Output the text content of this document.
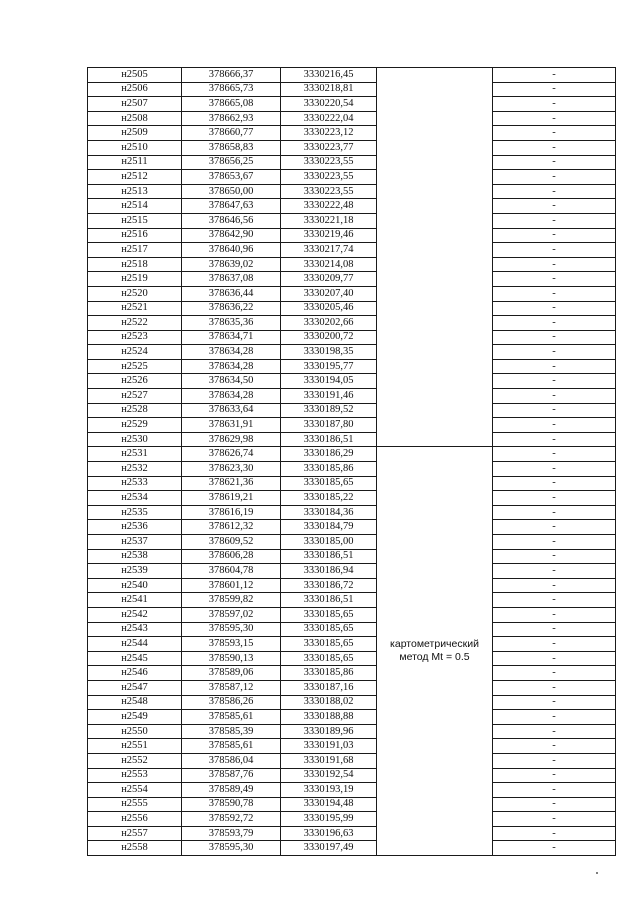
н2505	378666,37	3330216,45		-
н2506	378665,73	3330218,81		-
н2507	378665,08	3330220,54		-
н2508	378662,93	3330222,04		-
н2509	378660,77	3330223,12		-
н2510	378658,83	3330223,77		-
н2511	378656,25	3330223,55		-
н2512	378653,67	3330223,55		-
н2513	378650,00	3330223,55		-
н2514	378647,63	3330222,48		-
н2515	378646,56	3330221,18		-
н2516	378642,90	3330219,46		-
н2517	378640,96	3330217,74		-
н2518	378639,02	3330214,08		-
н2519	378637,08	3330209,77		-
н2520	378636,44	3330207,40		-
н2521	378636,22	3330205,46		-
н2522	378635,36	3330202,66		-
н2523	378634,71	3330200,72		-
н2524	378634,28	3330198,35		-
н2525	378634,28	3330195,77		-
н2526	378634,50	3330194,05		-
н2527	378634,28	3330191,46		-
н2528	378633,64	3330189,52		-
н2529	378631,91	3330187,80		-
н2530	378629,98	3330186,51		-
н2531	378626,74	3330186,29	картометрический метод Mt = 0.5	-
н2532	378623,30	3330185,86		-
н2533	378621,36	3330185,65		-
н2534	378619,21	3330185,22		-
н2535	378616,19	3330184,36		-
н2536	378612,32	3330184,79		-
н2537	378609,52	3330185,00		-
н2538	378606,28	3330186,51		-
н2539	378604,78	3330186,94		-
н2540	378601,12	3330186,72		-
н2541	378599,82	3330186,51		-
н2542	378597,02	3330185,65		-
н2543	378595,30	3330185,65		-
н2544	378593,15	3330185,65		-
н2545	378590,13	3330185,65		-
н2546	378589,06	3330185,86		-
н2547	378587,12	3330187,16		-
н2548	378586,26	3330188,02		-
н2549	378585,61	3330188,88		-
н2550	378585,39	3330189,96		-
н2551	378585,61	3330191,03		-
н2552	378586,04	3330191,68		-
н2553	378587,76	3330192,54		-
н2554	378589,49	3330193,19		-
н2555	378590,78	3330194,48		-
н2556	378592,72	3330195,99		-
н2557	378593,79	3330196,63		-
н2558	378595,30	3330197,49		-
